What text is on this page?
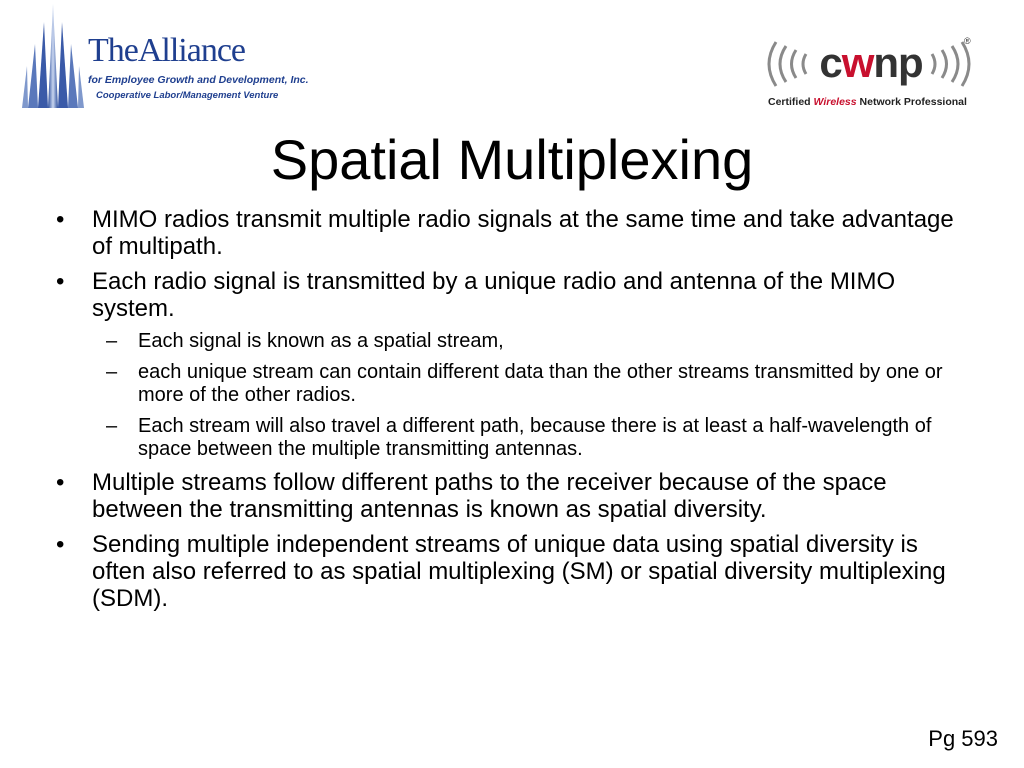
TheAlliance
for Employee Growth and Development, Inc.
Cooperative Labor/Management Venture
cwnp	®
Certified Wireless Network Professional
Spatial Multiplexing
• MIMO radios transmit multiple radio signals at the same time and take advantage of multipath.
• Each radio signal is transmitted by a unique radio and antenna of the MIMO system.
– Each signal is known as a spatial stream,
– each unique stream can contain different data than the other streams transmitted by one or more of the other radios.
– Each stream will also travel a different path, because there is at least a half-wavelength of space between the multiple transmitting antennas.
• Multiple streams follow different paths to the receiver because of the space between the transmitting antennas is known as spatial diversity.
• Sending multiple independent streams of unique data using spatial diversity is often also referred to as spatial multiplexing (SM) or spatial diversity multiplexing (SDM).
Pg 593
